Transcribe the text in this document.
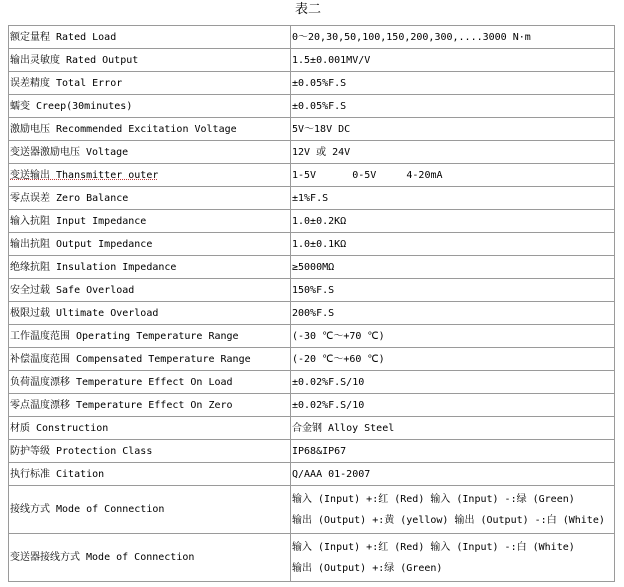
表二
额定量程 Rated Load	0～20,30,50,100,150,200,300,....3000 N·m
输出灵敏度 Rated Output	1.5±0.001MV/V
误差精度 Total Error	±0.05%F.S
蠕变 Creep(30minutes)	±0.05%F.S
激励电压 Recommended Excitation Voltage	5V～18V DC
变送器激励电压 Voltage	12V 或 24V
变送输出 Thansmitter outer	1-5V      0-5V     4-20mA
零点误差 Zero Balance	±1%F.S
输入抗阻 Input Impedance	1.0±0.2KΩ
输出抗阻 Output Impedance	1.0±0.1KΩ
绝缘抗阻 Insulation Impedance	≥5000MΩ
安全过载 Safe Overload	150%F.S
极限过载 Ultimate Overload	200%F.S
工作温度范围 Operating Temperature Range	(-30 ℃～+70 ℃)
补偿温度范围 Compensated Temperature Range	(-20 ℃～+60 ℃)
负荷温度漂移 Temperature Effect On Load	±0.02%F.S/10
零点温度漂移 Temperature Effect On Zero	±0.02%F.S/10
材质 Construction	合金钢 Alloy Steel
防护等级 Protection Class	IP68&IP67
执行标准 Citation	Q/AAA 01-2007
接线方式 Mode of Connection	输入 (Input) +:红 (Red) 输入 (Input) -:绿 (Green)
输出 (Output) +:黄 (yellow) 输出 (Output) -:白 (White)

变送器接线方式 Mode of Connection	输入 (Input) +:红 (Red) 输入 (Input) -:白 (White)
输出 (Output) +:绿 (Green)
